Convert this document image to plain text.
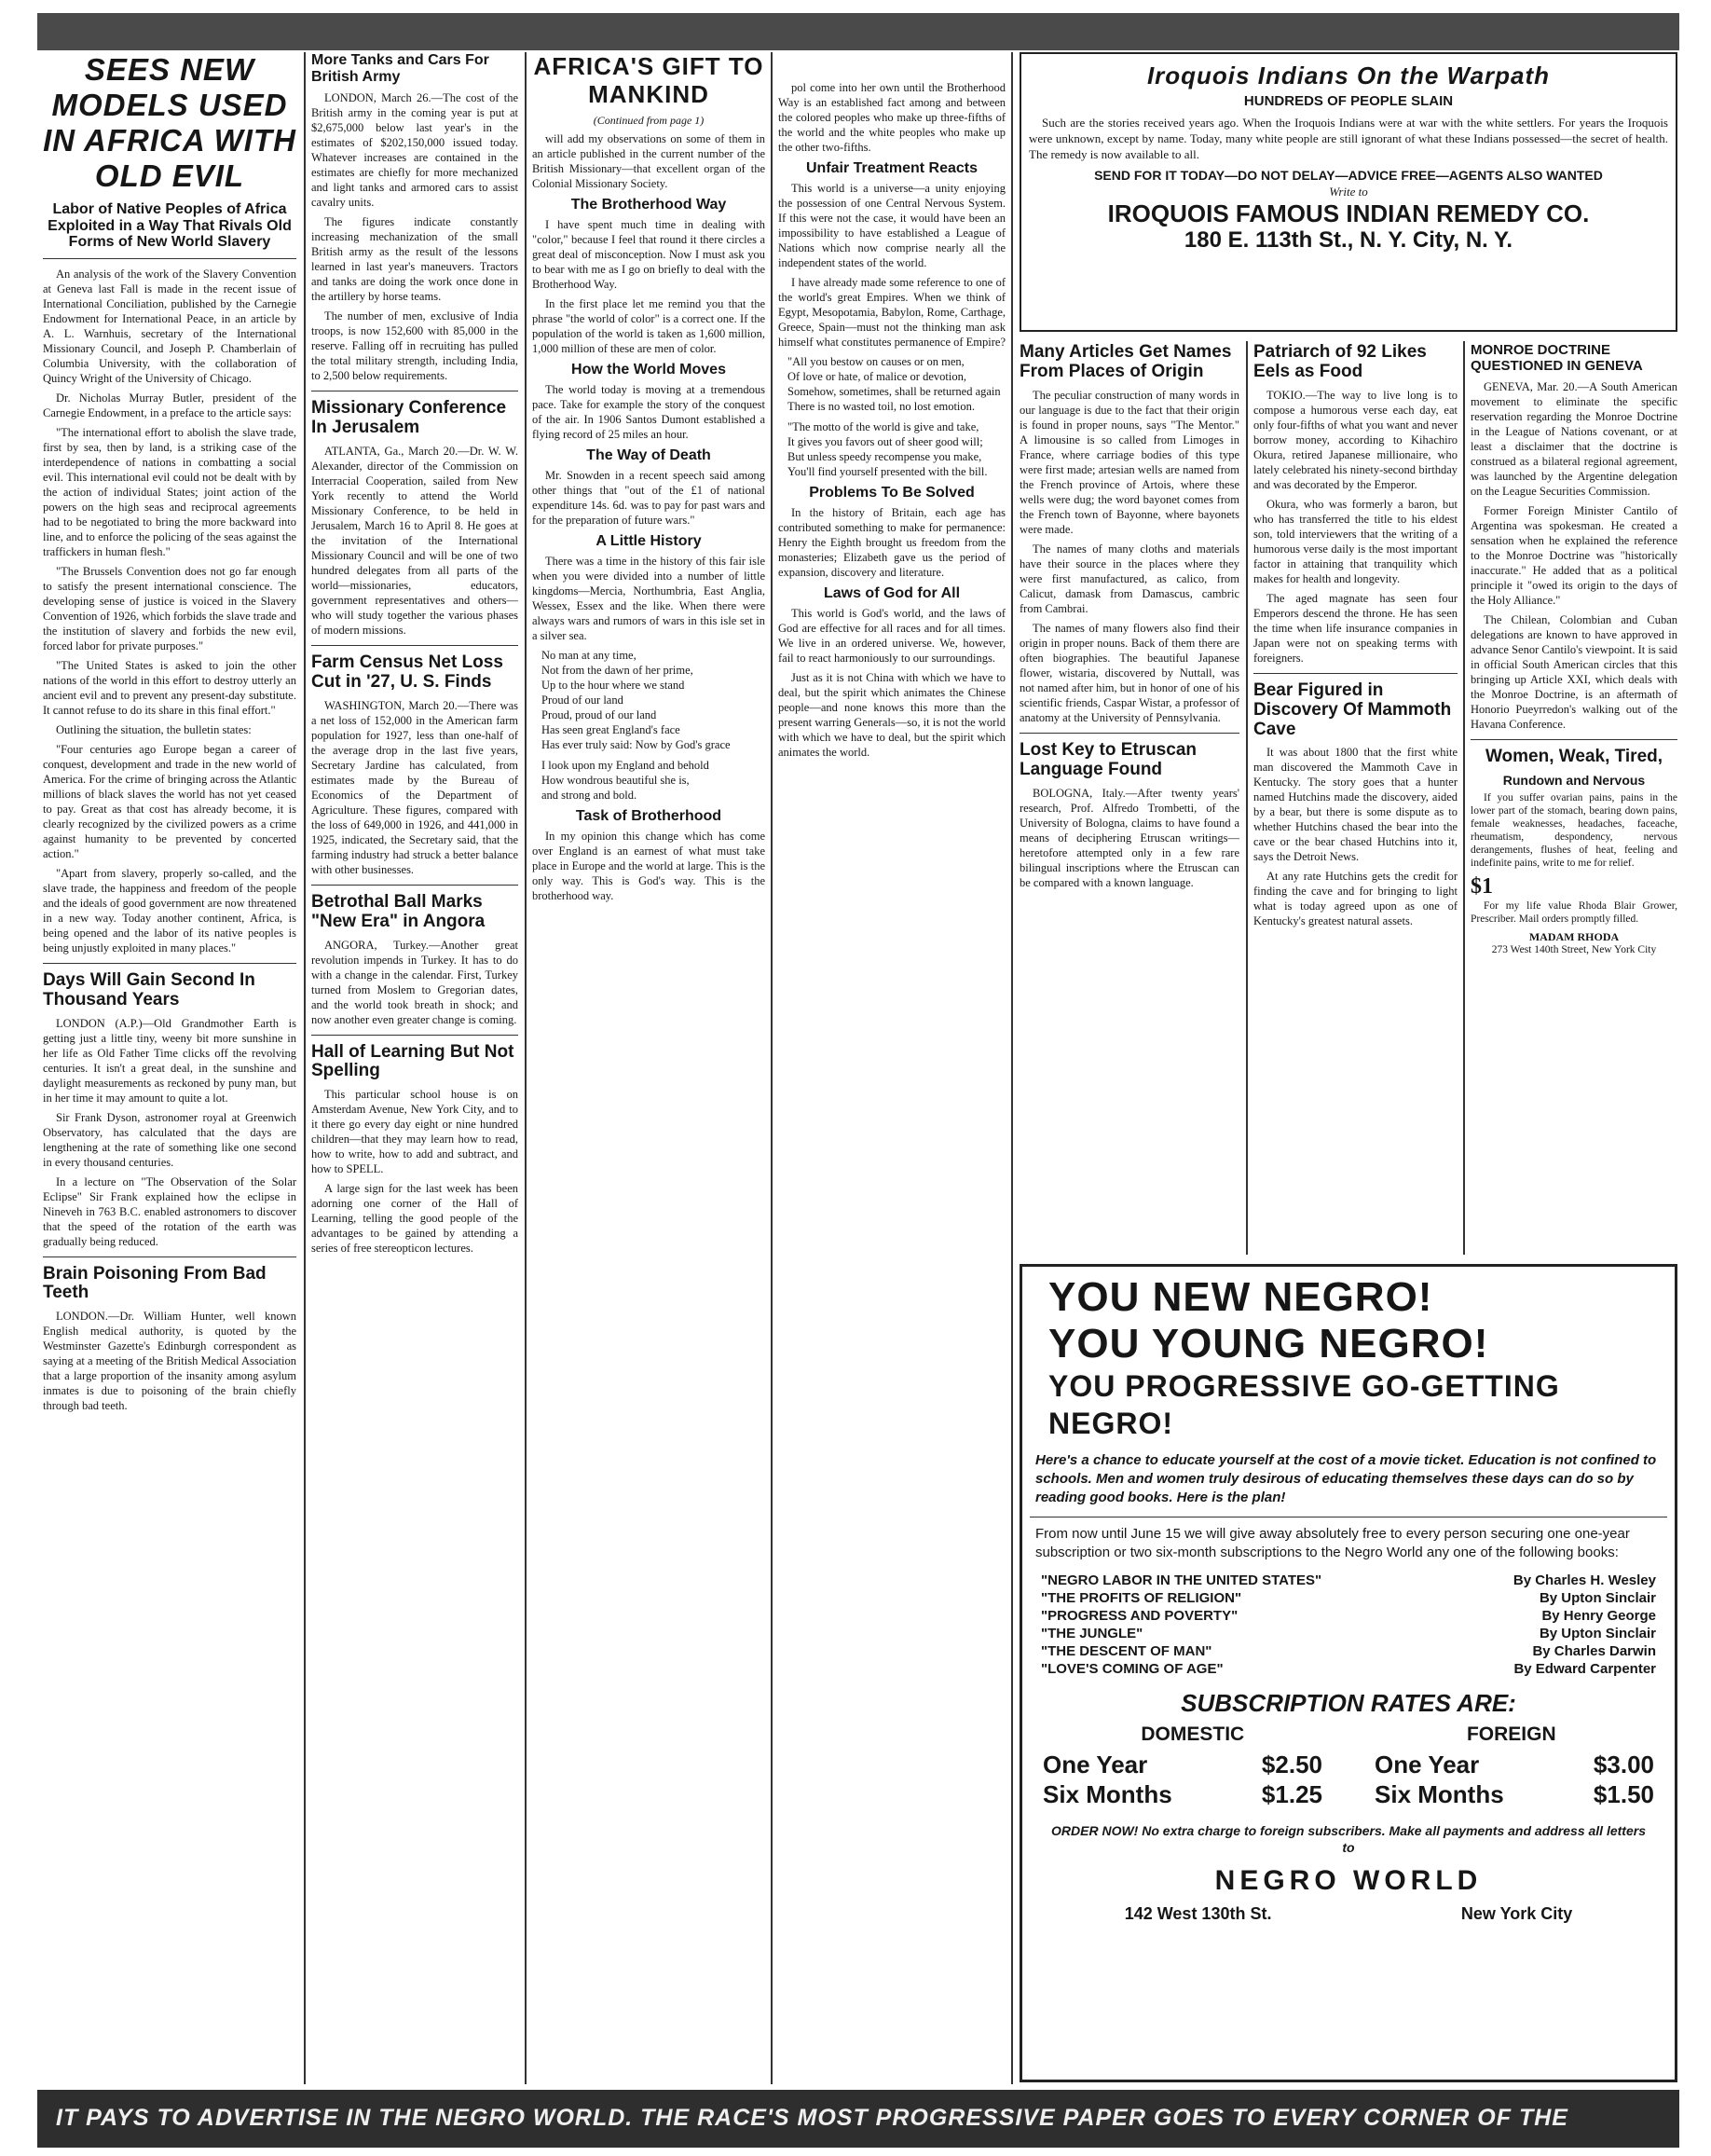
SEES NEW MODELS USED IN AFRICA WITH OLD EVIL
Labor of Native Peoples of Africa Exploited in a Way That Rivals Old Forms of New World Slavery

An analysis of the work of the Slavery Convention at Geneva last Fall is made in the recent issue of International Conciliation, published by the Carnegie Endowment for International Peace, in an article by A. L. Warnhuis, secretary of the International Missionary Council, and Joseph P. Chamberlain of Columbia University, with the collaboration of Quincy Wright of the University of Chicago.

Dr. Nicholas Murray Butler, president of the Carnegie Endowment, in a preface to the article says:

"The international effort to abolish the slave trade, first by sea, then by land, is a striking case of the interdependence of nations in combatting a social evil. This international evil could not be dealt with by the action of individual States; joint action of the powers on the high seas and reciprocal agreements had to be negotiated to bring the more backward into line, and to enforce the policing of the seas against the traffickers in human flesh."

"The Brussels Convention does not go far enough to satisfy the present international conscience. The developing sense of justice is voiced in the Slavery Convention of 1926, which forbids the slave trade and the institution of slavery and forbids the new evil, forced labor for private purposes."

"The United States is asked to join the other nations of the world in this effort to destroy utterly an ancient evil and to prevent any present-day substitute. It cannot refuse to do its share in this final effort."

Outlining the situation, the bulletin states:

"Four centuries ago Europe began a career of conquest, development and trade in the new world of America. For the crime of bringing across the Atlantic millions of black slaves the world has not yet ceased to pay. Great as that cost has already become, it is clearly recognized by the civilized powers as a crime against humanity to be prevented by concerted action."

"Apart from slavery, properly so-called, and the slave trade, the happiness and freedom of the people and the ideals of good government are now threatened in a new way. Today another continent, Africa, is being opened and the labor of its native peoples is being unjustly exploited in many places."

Days Will Gain Second In Thousand Years

LONDON (A.P.)—Old Grandmother Earth is getting just a little tiny, weeny bit more sunshine in her life as Old Father Time clicks off the revolving centuries. It isn't a great deal, in the sunshine and daylight measurements as reckoned by puny man, but in her time it may amount to quite a lot.

Sir Frank Dyson, astronomer royal at Greenwich Observatory, has calculated that the days are lengthening at the rate of something like one second in every thousand centuries.

In a lecture on "The Observation of the Solar Eclipse" Sir Frank explained how the eclipse in Nineveh in 763 B.C. enabled astronomers to discover that the speed of the rotation of the earth was gradually being reduced.

Brain Poisoning From Bad Teeth

LONDON.—Dr. William Hunter, well known English medical authority, is quoted by the Westminster Gazette's Edinburgh correspondent as saying at a meeting of the British Medical Association that a large proportion of the insanity among asylum inmates is due to poisoning of the brain chiefly through bad teeth.

More Tanks and Cars For British Army

LONDON, March 26.—The cost of the British army in the coming year is put at $2,675,000 below last year's in the estimates of $202,150,000 issued today. Whatever increases are contained in the estimates are chiefly for more mechanized and light tanks and armored cars to assist cavalry units.

The figures indicate constantly increasing mechanization of the small British army as the result of the lessons learned in last year's maneuvers. Tractors and tanks are doing the work once done in the artillery by horse teams.

The number of men, exclusive of India troops, is now 152,600 with 85,000 in the reserve. Falling off in recruiting has pulled the total military strength, including India, to 2,500 below requirements.

Missionary Conference In Jerusalem

ATLANTA, Ga., March 20.—Dr. W. W. Alexander, director of the Commission on Interracial Cooperation, sailed from New York recently to attend the World Missionary Conference, to be held in Jerusalem, March 16 to April 8. He goes at the invitation of the International Missionary Council and will be one of two hundred delegates from all parts of the world—missionaries, educators, government representatives and others—who will study together the various phases of modern missions.

Farm Census Net Loss Cut in '27, U. S. Finds

WASHINGTON, March 20.—There was a net loss of 152,000 in the American farm population for 1927, less than one-half of the average drop in the last five years, Secretary Jardine has calculated, from estimates made by the Bureau of Economics of the Department of Agriculture. These figures, compared with the loss of 649,000 in 1926, and 441,000 in 1925, indicated, the Secretary said, that the farming industry had struck a better balance with other businesses.

Betrothal Ball Marks "New Era" in Angora

ANGORA, Turkey.—Another great revolution impends in Turkey. It has to do with a change in the calendar. First, Turkey turned from Moslem to Gregorian dates, and the world took breath in shock; and now another even greater change is coming.

Hall of Learning But Not Spelling

This particular school house is on Amsterdam Avenue, New York City, and to it there go every day eight or nine hundred children—that they may learn how to read, how to write, how to add and subtract, and how to SPELL.

A large sign for the last week has been adorning one corner of the Hall of Learning, telling the good people of the advantages to be gained by attending a series of free stereopticon lectures.

AFRICA'S GIFT TO MANKIND
(Continued from page 1)

will add my observations on some of them in an article published in the current number of the British Missionary—that excellent organ of the Colonial Missionary Society.

The Brotherhood Way

I have spent much time in dealing with "color," because I feel that round it there circles a great deal of misconception. Now I must ask you to bear with me as I go on briefly to deal with the Brotherhood Way.

In the first place let me remind you that the phrase "the world of color" is a correct one. If the population of the world is taken as 1,600 million, 1,000 million of these are men of color.

How the World Moves

The world today is moving at a tremendous pace. Take for example the story of the conquest of the air. In 1906 Santos Dumont established a flying record of 25 miles an hour.

The Way of Death

Mr. Snowden in a recent speech said among other things that "out of the £1 of national expenditure 14s. 6d. was to pay for past wars and for the preparation of future wars."

A Little History

There was a time in the history of this fair isle when you were divided into a number of little kingdoms—Mercia, Northumbria, East Anglia, Wessex, Essex and the like. When there were always wars and rumors of wars in this isle set in a silver sea.

No man at any time,
Not from the dawn of her prime,
Up to the hour where we stand
Proud of our land
Proud, proud of our land
Has seen great England's face
Has ever truly said: Now by God's grace
I look upon my England and behold
How wondrous beautiful she is,
and strong and bold.
Task of Brotherhood

In my opinion this change which has come over England is an earnest of what must take place in Europe and the world at large. This is the only way. This is God's way. This is the brotherhood way.

pol come into her own until the Brotherhood Way is an established fact among and between the colored peoples who make up three-fifths of the world and the white peoples who make up the other two-fifths.

Unfair Treatment Reacts

This world is a universe—a unity enjoying the possession of one Central Nervous System. If this were not the case, it would have been an impossibility to have established a League of Nations which now comprise nearly all the independent states of the world.

I have already made some reference to one of the world's great Empires. When we think of Egypt, Mesopotamia, Babylon, Rome, Carthage, Greece, Spain—must not the thinking man ask himself what constitutes permanence of Empire?

"All you bestow on causes or on men,
Of love or hate, of malice or devotion,
Somehow, sometimes, shall be returned again
There is no wasted toil, no lost emotion.
"The motto of the world is give and take,
It gives you favors out of sheer good will;
But unless speedy recompense you make,
You'll find yourself presented with the bill.
Problems To Be Solved

In the history of Britain, each age has contributed something to make for permanence: Henry the Eighth brought us freedom from the monasteries; Elizabeth gave us the period of expansion, discovery and literature.

Laws of God for All

This world is God's world, and the laws of God are effective for all races and for all times. We live in an ordered universe. We, however, fail to react harmoniously to our surroundings.

Just as it is not China with which we have to deal, but the spirit which animates the Chinese people—and none knows this more than the present warring Generals—so, it is not the world with which we have to deal, but the spirit which animates the world.

Iroquois Indians On the Warpath
HUNDREDS OF PEOPLE SLAIN

Such are the stories received years ago. When the Iroquois Indians were at war with the white settlers. For years the Iroquois were unknown, except by name. Today, many white people are still ignorant of what these Indians possessed—the secret of health. The remedy is now available to all.

SEND FOR IT TODAY—DO NOT DELAY—ADVICE FREE—AGENTS ALSO WANTED
Write to
IROQUOIS FAMOUS INDIAN REMEDY CO.
180 E. 113th St., N. Y. City, N. Y.
Many Articles Get Names From Places of Origin

The peculiar construction of many words in our language is due to the fact that their origin is found in proper nouns, says "The Mentor." A limousine is so called from Limoges in France, where carriage bodies of this type were first made; artesian wells are named from the French province of Artois, where these wells were dug; the word bayonet comes from the French town of Bayonne, where bayonets were made.

The names of many cloths and materials have their source in the places where they were first manufactured, as calico, from Calicut, damask from Damascus, cambric from Cambrai.

The names of many flowers also find their origin in proper nouns. Back of them there are often biographies. The beautiful Japanese flower, wistaria, discovered by Nuttall, was not named after him, but in honor of one of his scientific friends, Caspar Wistar, a professor of anatomy at the University of Pennsylvania.

Lost Key to Etruscan Language Found

BOLOGNA, Italy.—After twenty years' research, Prof. Alfredo Trombetti, of the University of Bologna, claims to have found a means of deciphering Etruscan writings—heretofore attempted only in a few rare bilingual inscriptions where the Etruscan can be compared with a known language.

Patriarch of 92 Likes Eels as Food

TOKIO.—The way to live long is to compose a humorous verse each day, eat only four-fifths of what you want and never borrow money, according to Kihachiro Okura, retired Japanese millionaire, who lately celebrated his ninety-second birthday and was decorated by the Emperor.

Okura, who was formerly a baron, but who has transferred the title to his eldest son, told interviewers that the writing of a humorous verse daily is the most important factor in attaining that tranquility which makes for health and longevity.

The aged magnate has seen four Emperors descend the throne. He has seen the time when life insurance companies in Japan were not on speaking terms with foreigners.

Bear Figured in Discovery Of Mammoth Cave

It was about 1800 that the first white man discovered the Mammoth Cave in Kentucky. The story goes that a hunter named Hutchins made the discovery, aided by a bear, but there is some dispute as to whether Hutchins chased the bear into the cave or the bear chased Hutchins into it, says the Detroit News.

At any rate Hutchins gets the credit for finding the cave and for bringing to light what is today agreed upon as one of Kentucky's greatest natural assets.

MONROE DOCTRINE QUESTIONED IN GENEVA

GENEVA, Mar. 20.—A South American movement to eliminate the specific reservation regarding the Monroe Doctrine in the League of Nations covenant, or at least a disclaimer that the doctrine is construed as a bilateral regional agreement, was launched by the Argentine delegation on the League Securities Commission.

Former Foreign Minister Cantilo of Argentina was spokesman. He created a sensation when he explained the reference to the Monroe Doctrine was "historically inaccurate." He added that as a political principle it "owed its origin to the days of the Holy Alliance."

The Chilean, Colombian and Cuban delegations are known to have approved in advance Senor Cantilo's viewpoint. It is said in official South American circles that this bringing up Article XXI, which deals with the Monroe Doctrine, is an aftermath of Honorio Pueyrredon's walking out of the Havana Conference.

Women, Weak, Tired,
Rundown and Nervous

If you suffer ovarian pains, pains in the lower part of the stomach, bearing down pains, female weaknesses, headaches, faceache, rheumatism, despondency, nervous derangements, flushes of heat, feeling and indefinite pains, write to me for relief.

$1

For my life value Rhoda Blair Grower, Prescriber. Mail orders promptly filled.

MADAM RHODA
273 West 140th Street, New York City
YOU NEW NEGRO!
YOU YOUNG NEGRO!
YOU PROGRESSIVE GO-GETTING NEGRO!

Here's a chance to educate yourself at the cost of a movie ticket. Education is not confined to schools. Men and women truly desirous of educating themselves these days can do so by reading good books. Here is the plan!

From now until June 15 we will give away absolutely free to every person securing one one-year subscription or two six-month subscriptions to the Negro World any one of the following books:

"NEGRO LABOR IN THE UNITED STATES"	By Charles H. Wesley
"THE PROFITS OF RELIGION"	By Upton Sinclair
"PROGRESS AND POVERTY"	By Henry George
"THE JUNGLE"	By Upton Sinclair
"THE DESCENT OF MAN"	By Charles Darwin
"LOVE'S COMING OF AGE"	By Edward Carpenter
SUBSCRIPTION RATES ARE:
DOMESTIC	FOREIGN
One Year	$2.50
Six Months	$1.25
One Year	$3.00
Six Months	$1.50

ORDER NOW! No extra charge to foreign subscribers. Make all payments and address all letters to

NEGRO WORLD
142 West 130th St.	New York City
IT PAYS TO ADVERTISE IN THE NEGRO WORLD. THE RACE'S MOST PROGRESSIVE PAPER GOES TO EVERY CORNER OF THE
